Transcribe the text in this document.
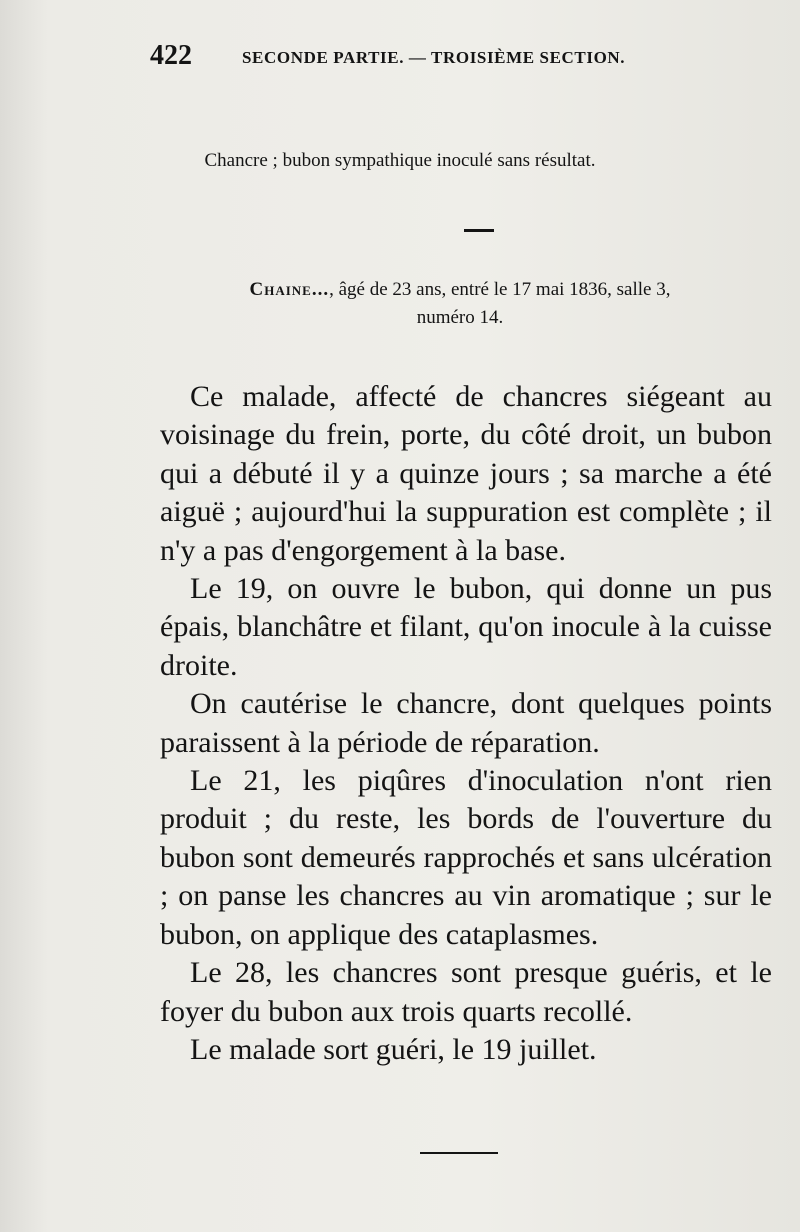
422	SECONDE PARTIE. — TROISIÈME SECTION.
Chancre ; bubon sympathique inoculé sans résultat.
Chaine..., âgé de 23 ans, entré le 17 mai 1836, salle 3,
numéro 14.

Ce malade, affecté de chancres siégeant au voisinage du frein, porte, du côté droit, un bubon qui a débuté il y a quinze jours ; sa marche a été aiguë ; aujourd'hui la suppuration est complète ; il n'y a pas d'engorgement à la base.

Le 19, on ouvre le bubon, qui donne un pus épais, blanchâtre et filant, qu'on inocule à la cuisse droite.

On cautérise le chancre, dont quelques points paraissent à la période de réparation.

Le 21, les piqûres d'inoculation n'ont rien produit ; du reste, les bords de l'ouverture du bubon sont demeurés rapprochés et sans ulcération ; on panse les chancres au vin aromatique ; sur le bubon, on applique des cataplasmes.

Le 28, les chancres sont presque guéris, et le foyer du bubon aux trois quarts recollé.

Le malade sort guéri, le 19 juillet.
